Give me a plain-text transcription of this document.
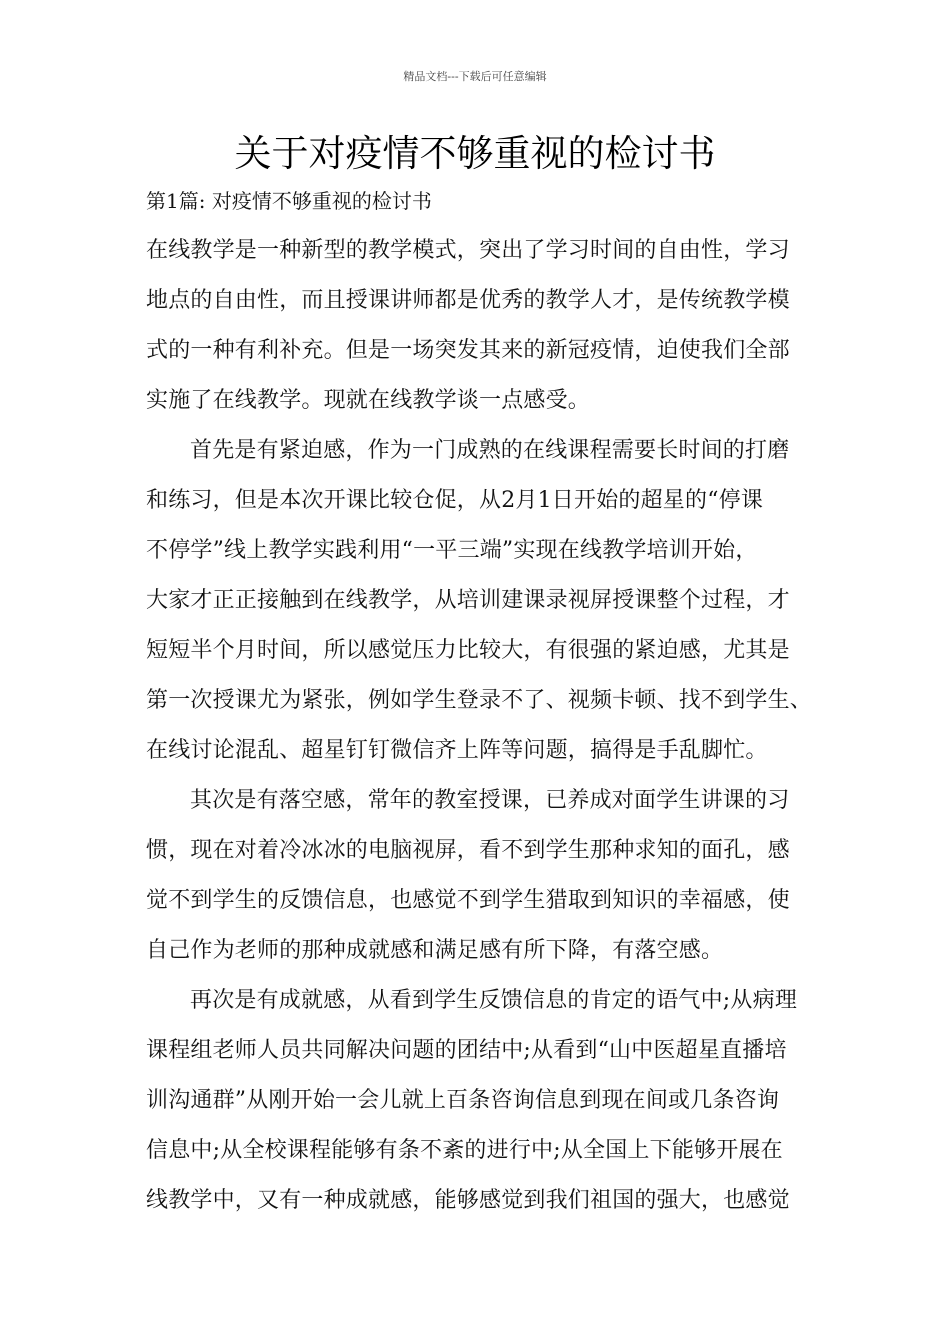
精品文档---下载后可任意编辑
关于对疫情不够重视的检讨书
第1篇: 对疫情不够重视的检讨书
在线教学是一种新型的教学模式，突出了学习时间的自由性，学习
地点的自由性，而且授课讲师都是优秀的教学人才，是传统教学模
式的一种有利补充。但是一场突发其来的新冠疫情，迫使我们全部
实施了在线教学。现就在线教学谈一点感受。
首先是有紧迫感，作为一门成熟的在线课程需要长时间的打磨
和练习，但是本次开课比较仓促，从2月1日开始的超星的“停课
不停学”线上教学实践利用“一平三端”实现在线教学培训开始，
大家才正正接触到在线教学，从培训建课录视屏授课整个过程，才
短短半个月时间，所以感觉压力比较大，有很强的紧迫感，尤其是
第一次授课尤为紧张，例如学生登录不了、视频卡顿、找不到学生、
在线讨论混乱、超星钉钉微信齐上阵等问题，搞得是手乱脚忙。
其次是有落空感，常年的教室授课，已养成对面学生讲课的习
惯，现在对着冷冰冰的电脑视屏，看不到学生那种求知的面孔，感
觉不到学生的反馈信息，也感觉不到学生猎取到知识的幸福感，使
自己作为老师的那种成就感和满足感有所下降，有落空感。
再次是有成就感，从看到学生反馈信息的肯定的语气中;从病理
课程组老师人员共同解决问题的团结中;从看到“山中医超星直播培
训沟通群”从刚开始一会儿就上百条咨询信息到现在间或几条咨询
信息中;从全校课程能够有条不紊的进行中;从全国上下能够开展在
线教学中，又有一种成就感，能够感觉到我们祖国的强大，也感觉
